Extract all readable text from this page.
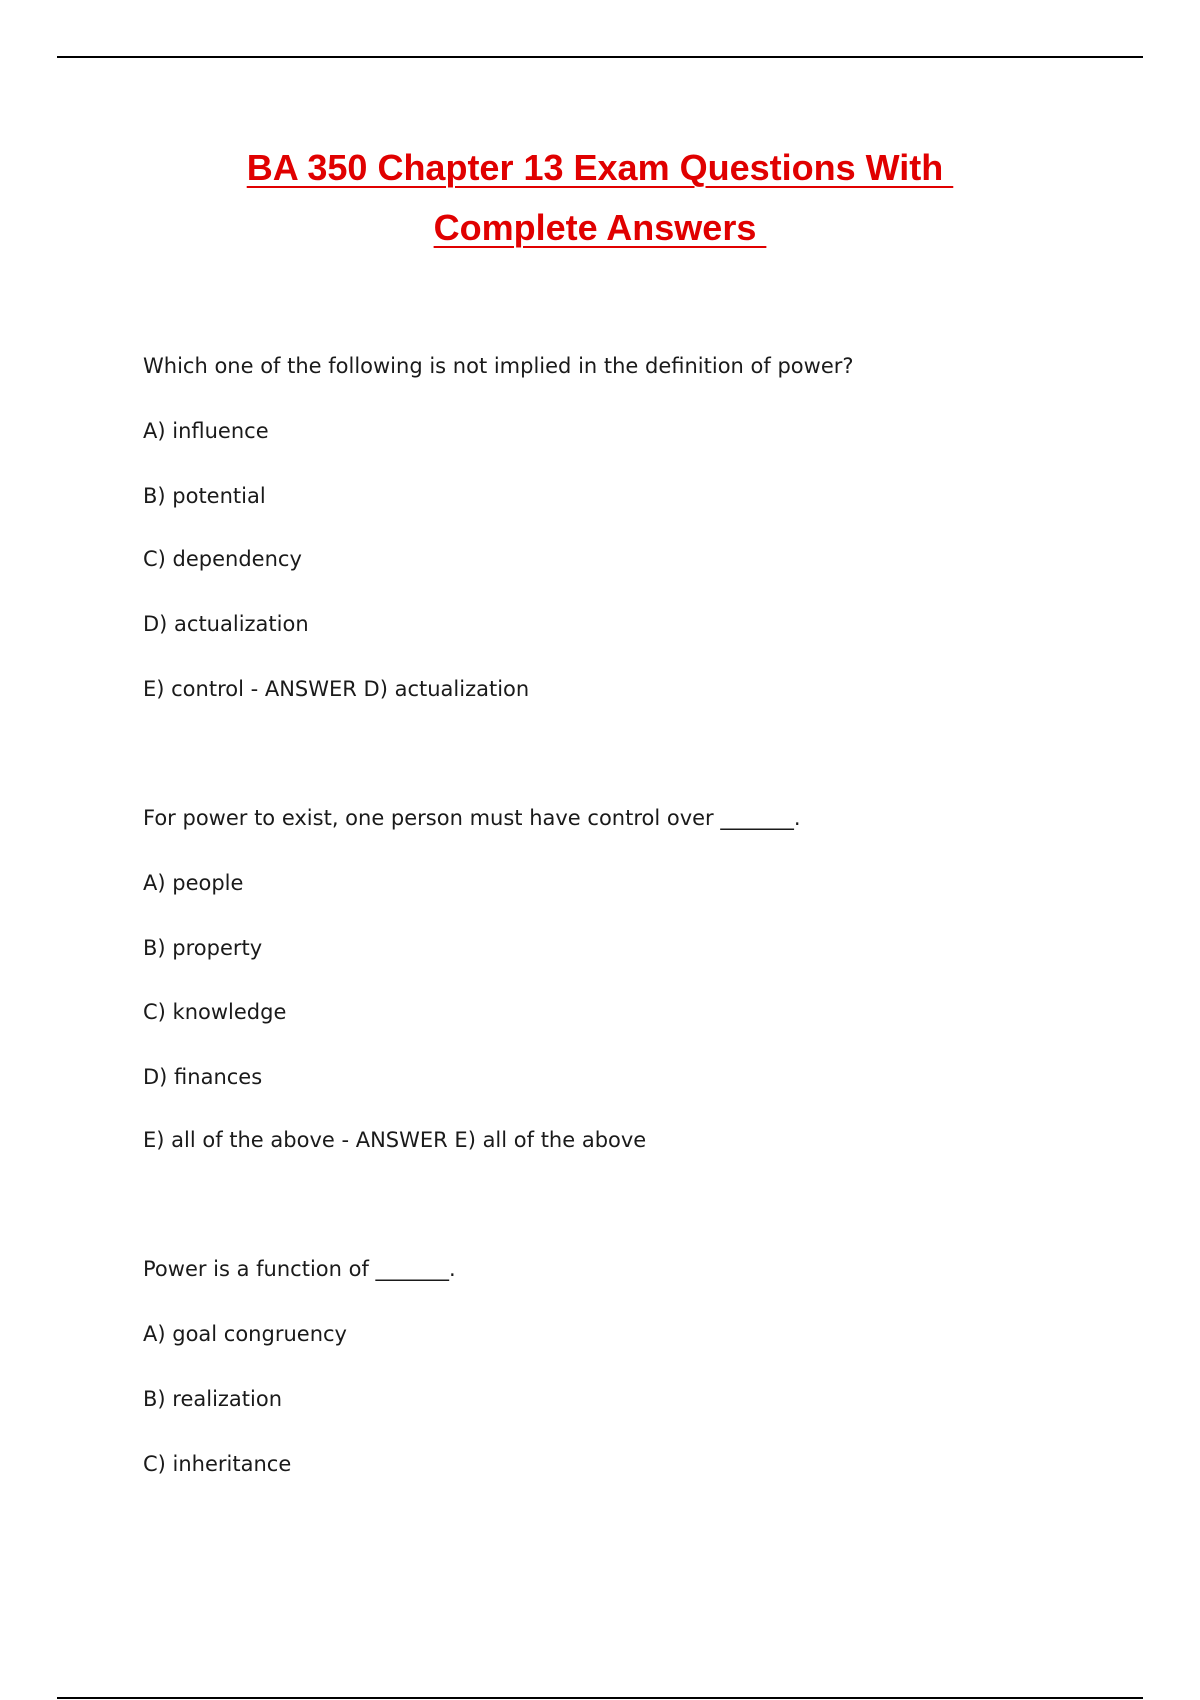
BA 350 Chapter 13 Exam Questions With
Complete Answers
Which one of the following is not implied in the definition of power?
A) influence
B) potential
C) dependency
D) actualization
E) control - ANSWER D) actualization
For power to exist, one person must have control over _______.
A) people
B) property
C) knowledge
D) finances
E) all of the above - ANSWER E) all of the above
Power is a function of _______.
A) goal congruency
B) realization
C) inheritance
